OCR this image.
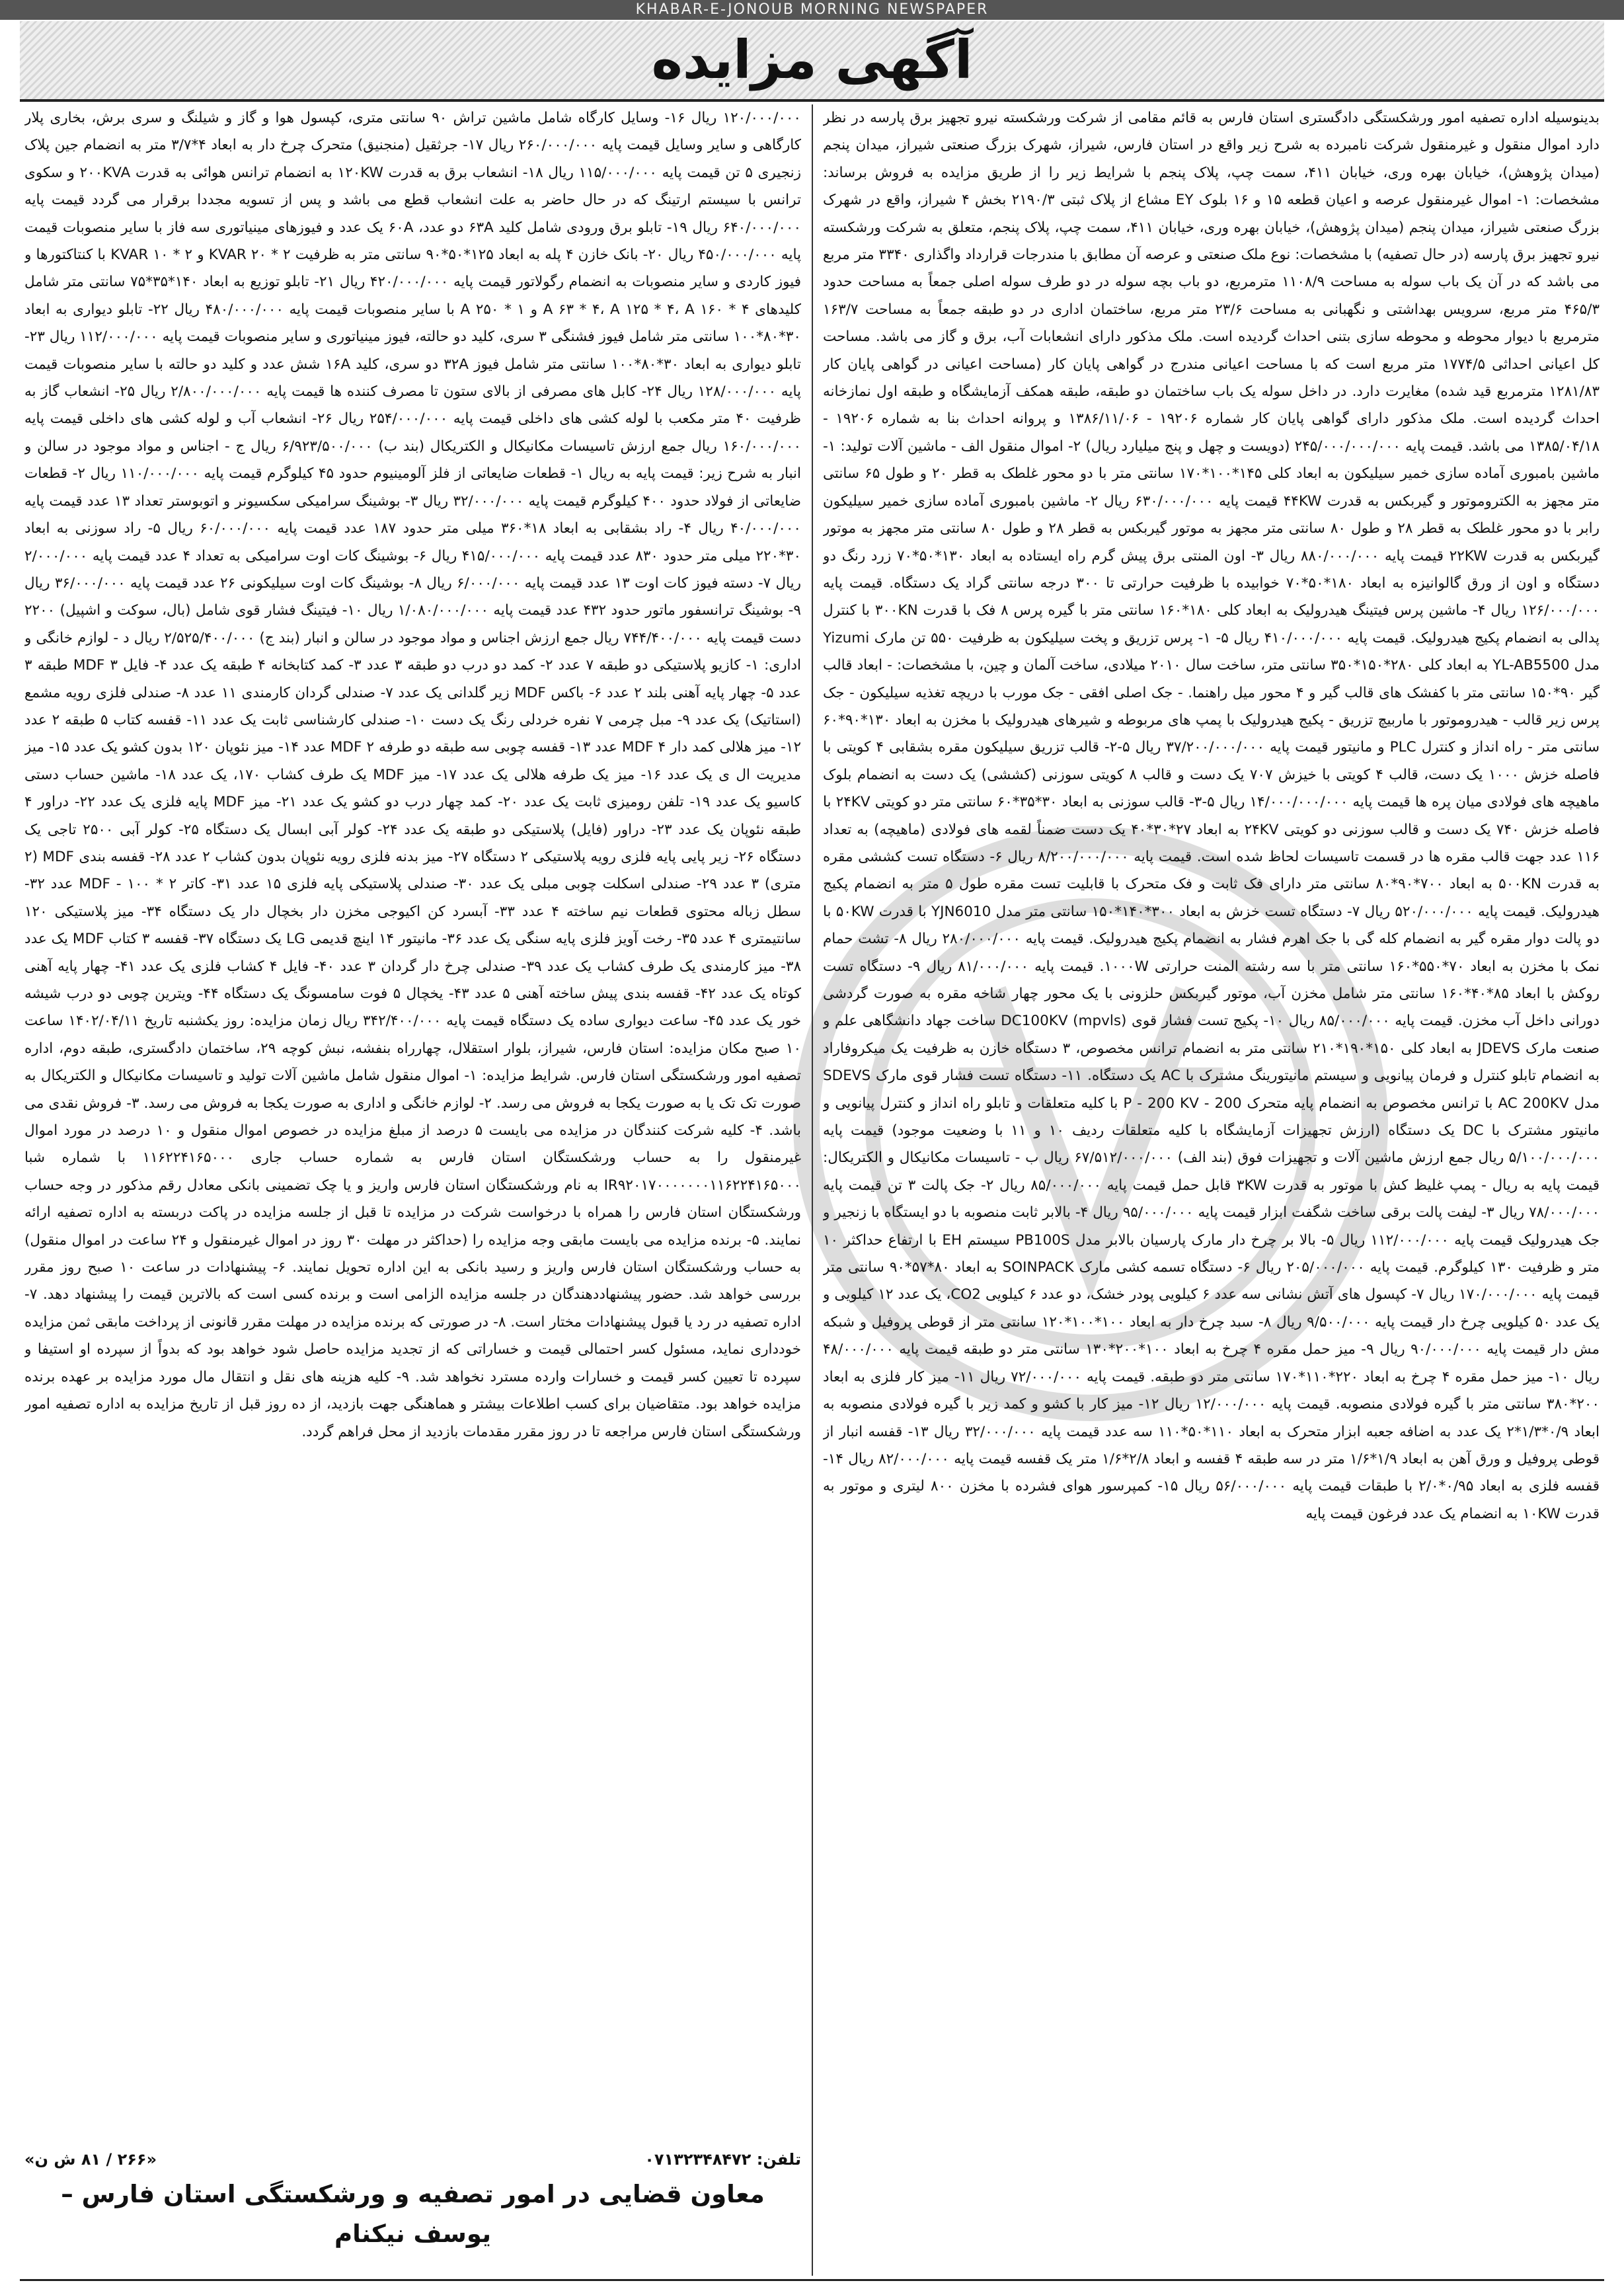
KHABAR-E-JONOUB MORNING NEWSPAPER
آگهی مزایده

بدینوسیله اداره تصفیه امور ورشکستگی دادگستری استان فارس به قائم مقامی از شرکت ورشکسته نیرو تجهیز برق پارسه در نظر دارد اموال منقول و غیرمنقول شرکت نامبرده به شرح زیر واقع در استان فارس، شیراز، شهرک بزرگ صنعتی شیراز، میدان پنجم (میدان پژوهش)، خیابان بهره وری، خیابان ۴۱۱، سمت چپ، پلاک پنجم با شرایط زیر را از طریق مزایده به فروش برساند: مشخصات: ۱- اموال غیرمنقول عرصه و اعیان قطعه ۱۵ و ۱۶ بلوک EY مشاع از پلاک ثبتی ۲۱۹۰/۳ بخش ۴ شیراز، واقع در شهرک بزرگ صنعتی شیراز، میدان پنجم (میدان پژوهش)، خیابان بهره وری، خیابان ۴۱۱، سمت چپ، پلاک پنجم، متعلق به شرکت ورشکسته نیرو تجهیز برق پارسه (در حال تصفیه) با مشخصات: نوع ملک صنعتی و عرصه آن مطابق با مندرجات قرارداد واگذاری ۳۳۴۰ متر مربع می باشد که در آن یک باب سوله به مساحت ۱۱۰۸/۹ مترمربع، دو باب بچه سوله در دو طرف سوله اصلی جمعاً به مساحت حدود ۴۶۵/۳ متر مربع، سرویس بهداشتی و نگهبانی به مساحت ۲۳/۶ متر مربع، ساختمان اداری در دو طبقه جمعاً به مساحت ۱۶۳/۷ مترمربع با دیوار محوطه و محوطه سازی بتنی احداث گردیده است. ملک مذکور دارای انشعابات آب، برق و گاز می باشد. مساحت کل اعیانی احداثی ۱۷۷۴/۵ متر مربع است که با مساحت اعیانی مندرج در گواهی پایان کار (مساحت اعیانی در گواهی پایان کار ۱۲۸۱/۸۳ مترمربع قید شده) مغایرت دارد. در داخل سوله یک باب ساختمان دو طبقه، طبقه همکف آزمایشگاه و طبقه اول نمازخانه احداث گردیده است. ملک مذکور دارای گواهی پایان کار شماره ۱۹۲۰۶ - ۱۳۸۶/۱۱/۰۶ و پروانه احداث بنا به شماره ۱۹۲۰۶ - ۱۳۸۵/۰۴/۱۸ می باشد. قیمت پایه ۲۴۵/۰۰۰/۰۰۰/۰۰۰ (دویست و چهل و پنج میلیارد ریال) ۲- اموال منقول الف - ماشین آلات تولید: ۱- ماشین بامبوری آماده سازی خمیر سیلیکون به ابعاد کلی ۱۴۵*۱۰۰*۱۷۰ سانتی متر با دو محور غلطک به قطر ۲۰ و طول ۶۵ سانتی متر مجهز به الکتروموتور و گیربکس به قدرت ۴۴KW قیمت پایه ۶۳۰/۰۰۰/۰۰۰ ریال ۲- ماشین بامبوری آماده سازی خمیر سیلیکون رابر با دو محور غلطک به قطر ۲۸ و طول ۸۰ سانتی متر مجهز به موتور گیربکس به قطر ۲۸ و طول ۸۰ سانتی متر مجهز به موتور گیربکس به قدرت ۲۲KW قیمت پایه ۸۸۰/۰۰۰/۰۰۰ ریال ۳- اون المنتی برق پیش گرم راه ایستاده به ابعاد ۱۳۰*۵۰*۷۰ زرد رنگ دو دستگاه و اون از ورق گالوانیزه به ابعاد ۱۸۰*۵۰*۷۰ خوابیده با ظرفیت حرارتی تا ۳۰۰ درجه سانتی گراد یک دستگاه. قیمت پایه ۱۲۶/۰۰۰/۰۰۰ ریال ۴- ماشین پرس فیتینگ هیدرولیک به ابعاد کلی ۱۸۰*۱۶۰ سانتی متر با گیره پرس ۸ فک با قدرت ۳۰۰KN با کنترل پدالی به انضمام پکیج هیدرولیک. قیمت پایه ۴۱۰/۰۰۰/۰۰۰ ریال ۵- ۱- پرس تزریق و پخت سیلیکون به ظرفیت ۵۵۰ تن مارک Yizumi مدل YL-AB5500 به ابعاد کلی ۲۸۰*۱۵۰*۳۵۰ سانتی متر، ساخت سال ۲۰۱۰ میلادی، ساخت آلمان و چین، با مشخصات: - ابعاد قالب گیر ۹۰*۱۵۰ سانتی متر با کفشک های قالب گیر و ۴ محور میل راهنما. - جک اصلی افقی - جک مورب با دریچه تغذیه سیلیکون - جک پرس زیر قالب - هیدروموتور با ماربیچ تزریق - پکیج هیدرولیک با پمپ های مربوطه و شیرهای هیدرولیک با مخزن به ابعاد ۱۳۰*۹۰*۶۰ سانتی متر - راه انداز و کنترل PLC و مانیتور قیمت پایه ۳۷/۲۰۰/۰۰۰/۰۰۰ ریال ۵-۲- قالب تزریق سیلیکون مقره بشقابی ۴ کویتی با فاصله خزش ۱۰۰۰ یک دست، قالب ۴ کویتی با خیزش ۷۰۷ یک دست و قالب ۸ کویتی سوزنی (کششی) یک دست به انضمام بلوک ماهیچه های فولادی میان پره ها قیمت پایه ۱۴/۰۰۰/۰۰۰/۰۰۰ ریال ۵-۳- قالب سوزنی به ابعاد ۳۰*۳۵*۶۰ سانتی متر دو کویتی ۲۴KV با فاصله خزش ۷۴۰ یک دست و قالب سوزنی دو کویتی ۲۴KV به ابعاد ۲۷*۳۰*۴۰ یک دست ضمناً لقمه های فولادی (ماهیچه) به تعداد ۱۱۶ عدد جهت قالب مقره ها در قسمت تاسیسات لحاظ شده است. قیمت پایه ۸/۲۰۰/۰۰۰/۰۰۰ ریال ۶- دستگاه تست کششی مقره به قدرت ۵۰۰KN به ابعاد ۷۰۰*۹۰*۸۰ سانتی متر دارای فک ثابت و فک متحرک با قابلیت تست مقره طول ۵ متر به انضمام پکیج هیدرولیک. قیمت پایه ۵۲۰/۰۰۰/۰۰۰ ریال ۷- دستگاه تست خزش به ابعاد ۳۰۰*۱۴۰*۱۵۰ سانتی متر مدل YJN6010 با قدرت ۵۰KW با دو پالت دوار مقره گیر به انضمام کله گی با جک اهرم فشار به انضمام پکیج هیدرولیک. قیمت پایه ۲۸۰/۰۰۰/۰۰۰ ریال ۸- تشت حمام نمک با مخزن به ابعاد ۷۰*۵۵۰*۱۶۰ سانتی متر با سه رشته المنت حرارتی ۱۰۰۰W. قیمت پایه ۸۱/۰۰۰/۰۰۰ ریال ۹- دستگاه تست روکش با ابعاد ۸۵*۴۰*۱۶۰ سانتی متر شامل مخزن آب، موتور گیربکس حلزونی با یک محور چهار شاخه مقره به صورت گردشی دورانی داخل آب مخزن. قیمت پایه ۸۵/۰۰۰/۰۰۰ ریال ۱۰- پکیج تست فشار قوی DC100KV (mpvls) ساخت جهاد دانشگاهی علم و صنعت مارک JDEVS به ابعاد کلی ۱۵۰*۱۹۰*۲۱۰ سانتی متر به انضمام ترانس مخصوص، ۳ دستگاه خازن به ظرفیت یک میکروفاراد به انضمام تابلو کنترل و فرمان پیانویی و سیستم مانیتورینگ مشترک با AC یک دستگاه. ۱۱- دستگاه تست فشار قوی مارک SDEVS مدل AC 200KV با ترانس مخصوص به انضمام پایه متحرک P - 200 KV - 200 با کلیه متعلقات و تابلو راه انداز و کنترل پیانویی و مانیتور مشترک با DC یک دستگاه (ارزش تجهیزات آزمایشگاه با کلیه متعلقات ردیف ۱۰ و ۱۱ با وضعیت موجود) قیمت پایه ۵/۱۰۰/۰۰۰/۰۰۰ ریال جمع ارزش ماشین آلات و تجهیزات فوق (بند الف) ۶۷/۵۱۲/۰۰۰/۰۰۰ ریال ب - تاسیسات مکانیکال و الکتریکال: قیمت پایه به ریال - پمپ غلیظ کش با موتور به قدرت ۳KW قابل حمل قیمت پایه ۸۵/۰۰۰/۰۰۰ ریال ۲- جک پالت ۳ تن قیمت پایه ۷۸/۰۰۰/۰۰۰ ریال ۳- لیفت پالت برقی ساخت شگفت ابزار قیمت پایه ۹۵/۰۰۰/۰۰۰ ریال ۴- بالابر ثابت منصوبه با دو ایستگاه با زنجیر و جک هیدرولیک قیمت پایه ۱۱۲/۰۰۰/۰۰۰ ریال ۵- بالا بر چرخ دار مارک پارسیان بالابر مدل PB100S سیستم EH با ارتفاع حداکثر ۱۰ متر و ظرفیت ۱۳۰ کیلوگرم. قیمت پایه ۲۰۵/۰۰۰/۰۰۰ ریال ۶- دستگاه تسمه کشی مارک SOINPACK به ابعاد ۸۰*۵۷*۹۰ سانتی متر قیمت پایه ۱۷۰/۰۰۰/۰۰۰ ریال ۷- کپسول های آتش نشانی سه عدد ۶ کیلویی پودر خشک، دو عدد ۶ کیلویی CO2، یک عدد ۱۲ کیلویی و یک عدد ۵۰ کیلویی چرخ دار قیمت پایه ۹/۵۰۰/۰۰۰ ریال ۸- سبد چرخ دار به ابعاد ۱۰۰*۱۰۰*۱۲۰ سانتی متر از قوطی پروفیل و شبکه مش دار قیمت پایه ۹۰/۰۰۰/۰۰۰ ریال ۹- میز حمل مقره ۴ چرخ به ابعاد ۱۰۰*۲۰۰*۱۳۰ سانتی متر دو طبقه قیمت پایه ۴۸/۰۰۰/۰۰۰ ریال ۱۰- میز حمل مقره ۴ چرخ به ابعاد ۲۲۰*۱۱۰*۱۷۰ سانتی متر دو طبقه. قیمت پایه ۷۲/۰۰۰/۰۰۰ ریال ۱۱- میز کار فلزی به ابعاد ۲۰۰*۳۸۰ سانتی متر با گیره فولادی منصوبه. قیمت پایه ۱۲/۰۰۰/۰۰۰ ریال ۱۲- میز کار با کشو و کمد زیر با گیره فولادی منصوبه به ابعاد ۰/۹*۱/۳*۲ یک عدد به اضافه جعبه ابزار متحرک به ابعاد ۱۱۰*۵۰*۱۱۰ سه عدد قیمت پایه ۳۲/۰۰۰/۰۰۰ ریال ۱۳- قفسه انبار از قوطی پروفیل و ورق آهن به ابعاد ۱/۹*۱/۶ متر در سه طبقه ۴ قفسه و ابعاد ۲/۸*۱/۶ متر یک قفسه قیمت پایه ۸۲/۰۰۰/۰۰۰ ریال ۱۴- قفسه فلزی به ابعاد ۰/۹۵*۲/۰ با طبقات قیمت پایه ۵۶/۰۰۰/۰۰۰ ریال ۱۵- کمپرسور هوای فشرده با مخزن ۸۰۰ لیتری و موتور به قدرت ۱۰KW به انضمام یک عدد فرغون قیمت پایه

۱۲۰/۰۰۰/۰۰۰ ریال ۱۶- وسایل کارگاه شامل ماشین تراش ۹۰ سانتی متری، کپسول هوا و گاز و شیلنگ و سری برش، بخاری پلار کارگاهی و سایر وسایل قیمت پایه ۲۶۰/۰۰۰/۰۰۰ ریال ۱۷- جرثقیل (منجنیق) متحرک چرخ دار به ابعاد ۴*۳/۷ متر به انضمام جین پلاک زنجیری ۵ تن قیمت پایه ۱۱۵/۰۰۰/۰۰۰ ریال ۱۸- انشعاب برق به قدرت ۱۲۰KW به انضمام ترانس هوائی به قدرت ۲۰۰KVA و سکوی ترانس با سیستم ارتینگ که در حال حاضر به علت انشعاب قطع می باشد و پس از تسویه مجددا برقرار می گردد قیمت پایه ۶۴۰/۰۰۰/۰۰۰ ریال ۱۹- تابلو برق ورودی شامل کلید ۶۳A دو عدد، ۶۰A یک عدد و فیوزهای مینیاتوری سه فاز با سایر منصوبات قیمت پایه ۴۵۰/۰۰۰/۰۰۰ ریال ۲۰- بانک خازن ۴ پله به ابعاد ۱۲۵*۵۰*۹۰ سانتی متر به ظرفیت KVAR ۲۰ * ۲ و KVAR ۱۰ * ۲ با کنتاکتورها و فیوز کاردی و سایر منصوبات به انضمام رگولاتور قیمت پایه ۴۲۰/۰۰۰/۰۰۰ ریال ۲۱- تابلو توزیع به ابعاد ۱۴۰*۳۵*۷۵ سانتی متر شامل کلیدهای A ۶۳ * ۴، A ۱۲۵ * ۴، A ۱۶۰ * ۴ و A ۲۵۰ * ۱ با سایر منصوبات قیمت پایه ۴۸۰/۰۰۰/۰۰۰ ریال ۲۲- تابلو دیواری به ابعاد ۳۰*۸۰*۱۰۰ سانتی متر شامل فیوز فشنگی ۳ سری، کلید دو حالته، فیوز مینیاتوری و سایر منصوبات قیمت پایه ۱۱۲/۰۰۰/۰۰۰ ریال ۲۳- تابلو دیواری به ابعاد ۳۰*۸۰*۱۰۰ سانتی متر شامل فیوز ۳۲A دو سری، کلید ۱۶A شش عدد و کلید دو حالته با سایر منصوبات قیمت پایه ۱۲۸/۰۰۰/۰۰۰ ریال ۲۴- کابل های مصرفی از بالای ستون تا مصرف کننده ها قیمت پایه ۲/۸۰۰/۰۰۰/۰۰۰ ریال ۲۵- انشعاب گاز به ظرفیت ۴۰ متر مکعب با لوله کشی های داخلی قیمت پایه ۲۵۴/۰۰۰/۰۰۰ ریال ۲۶- انشعاب آب و لوله کشی های داخلی قیمت پایه ۱۶۰/۰۰۰/۰۰۰ ریال جمع ارزش تاسیسات مکانیکال و الکتریکال (بند ب) ۶/۹۲۳/۵۰۰/۰۰۰ ریال ج - اجناس و مواد موجود در سالن و انبار به شرح زیر: قیمت پایه به ریال ۱- قطعات ضایعاتی از فلز آلومینیوم حدود ۴۵ کیلوگرم قیمت پایه ۱۱۰/۰۰۰/۰۰۰ ریال ۲- قطعات ضایعاتی از فولاد حدود ۴۰۰ کیلوگرم قیمت پایه ۳۲/۰۰۰/۰۰۰ ریال ۳- بوشینگ سرامیکی سکسیونر و اتوبوستر تعداد ۱۳ عدد قیمت پایه ۴۰/۰۰۰/۰۰۰ ریال ۴- راد بشقابی به ابعاد ۱۸*۳۶۰ میلی متر حدود ۱۸۷ عدد قیمت پایه ۶۰/۰۰۰/۰۰۰ ریال ۵- راد سوزنی به ابعاد ۳۰*۲۲۰ میلی متر حدود ۸۳۰ عدد قیمت پایه ۴۱۵/۰۰۰/۰۰۰ ریال ۶- بوشینگ کات اوت سرامیکی به تعداد ۴ عدد قیمت پایه ۲/۰۰۰/۰۰۰ ریال ۷- دسته فیوز کات اوت ۱۳ عدد قیمت پایه ۶/۰۰۰/۰۰۰ ریال ۸- بوشینگ کات اوت سیلیکونی ۲۶ عدد قیمت پایه ۳۶/۰۰۰/۰۰۰ ریال ۹- بوشینگ ترانسفور ماتور حدود ۴۳۲ عدد قیمت پایه ۱/۰۸۰/۰۰۰/۰۰۰ ریال ۱۰- فیتینگ فشار قوی شامل (بال، سوکت و اشپیل) ۲۲۰۰ دست قیمت پایه ۷۴۴/۴۰۰/۰۰۰ ریال جمع ارزش اجناس و مواد موجود در سالن و انبار (بند ج) ۲/۵۲۵/۴۰۰/۰۰۰ ریال د - لوازم خانگی و اداری: ۱- کازیو پلاستیکی دو طبقه ۷ عدد ۲- کمد دو درب دو طبقه ۳ عدد ۳- کمد کتابخانه ۴ طبقه یک عدد ۴- فایل MDF ۳ طبقه ۳ عدد ۵- چهار پایه آهنی بلند ۲ عدد ۶- باکس MDF زیر گلدانی یک عدد ۷- صندلی گردان کارمندی ۱۱ عدد ۸- صندلی فلزی رویه مشمع (استاتیک) یک عدد ۹- مبل چرمی ۷ نفره خردلی رنگ یک دست ۱۰- صندلی کارشناسی ثابت یک عدد ۱۱- قفسه کتاب ۵ طبقه ۲ عدد ۱۲- میز هلالی کمد دار MDF ۴ عدد ۱۳- قفسه چوبی سه طبقه دو طرفه MDF ۲ عدد ۱۴- میز نئوپان ۱۲۰ بدون کشو یک عدد ۱۵- میز مدیریت ال ی یک عدد ۱۶- میز یک طرفه هلالی یک عدد ۱۷- میز MDF یک طرف کشاب ۱۷۰، یک عدد ۱۸- ماشین حساب دستی کاسیو یک عدد ۱۹- تلفن رومیزی ثابت یک عدد ۲۰- کمد چهار درب دو کشو یک عدد ۲۱- میز MDF پایه فلزی یک عدد ۲۲- دراور ۴ طبقه نئوپان یک عدد ۲۳- دراور (فایل) پلاستیکی دو طبقه یک عدد ۲۴- کولر آبی ابسال یک دستگاه ۲۵- کولر آبی ۲۵۰۰ تاجی یک دستگاه ۲۶- زیر پایی پایه فلزی رویه پلاستیکی ۲ دستگاه ۲۷- میز بدنه فلزی رویه نئوپان بدون کشاب ۲ عدد ۲۸- قفسه بندی MDF (۲ متری) ۳ عدد ۲۹- صندلی اسکلت چوبی مبلی یک عدد ۳۰- صندلی پلاستیکی پایه فلزی ۱۵ عدد ۳۱- کاتر MDF - ۱۰۰ * ۲ عدد ۳۲- سطل زباله محتوی قطعات نیم ساخته ۴ عدد ۳۳- آبسرد کن اکیوجی مخزن دار بخچال دار یک دستگاه ۳۴- میز پلاستیکی ۱۲۰ سانتیمتری ۴ عدد ۳۵- رخت آویز فلزی پایه سنگی یک عدد ۳۶- مانیتور ۱۴ اینچ قدیمی LG یک دستگاه ۳۷- قفسه ۳ کتاب MDF یک عدد ۳۸- میز کارمندی یک طرف کشاب یک عدد ۳۹- صندلی چرخ دار گردان ۳ عدد ۴۰- فایل ۴ کشاب فلزی یک عدد ۴۱- چهار پایه آهنی کوتاه یک عدد ۴۲- قفسه بندی پیش ساخته آهنی ۵ عدد ۴۳- یخچال ۵ فوت سامسونگ یک دستگاه ۴۴- ویترین چوبی دو درب شیشه خور یک عدد ۴۵- ساعت دیواری ساده یک دستگاه قیمت پایه ۳۴۲/۴۰۰/۰۰۰ ریال زمان مزایده: روز یکشنبه تاریخ ۱۴۰۲/۰۴/۱۱ ساعت ۱۰ صبح مکان مزایده: استان فارس، شیراز، بلوار استقلال، چهارراه بنفشه، نبش کوچه ۲۹، ساختمان دادگستری، طبقه دوم، اداره تصفیه امور ورشکستگی استان فارس. شرایط مزایده: ۱- اموال منقول شامل ماشین آلات تولید و تاسیسات مکانیکال و الکتریکال به صورت تک تک یا به صورت یکجا به فروش می رسد. ۲- لوازم خانگی و اداری به صورت یکجا به فروش می رسد. ۳- فروش نقدی می باشد. ۴- کلیه شرکت کنندگان در مزایده می بایست ۵ درصد از مبلغ مزایده در خصوص اموال منقول و ۱۰ درصد در مورد اموال غیرمنقول را به حساب ورشکستگان استان فارس به شماره حساب جاری ۱۱۶۲۲۴۱۶۵۰۰۰ با شماره شبا IR۹۲۰۱۷۰۰۰۰۰۰۰۱۱۶۲۲۴۱۶۵۰۰۰ به نام ورشکستگان استان فارس واریز و یا چک تضمینی بانکی معادل رقم مذکور در وجه حساب ورشکستگان استان فارس را همراه با درخواست شرکت در مزایده تا قبل از جلسه مزایده در پاکت دربسته به اداره تصفیه ارائه نمایند. ۵- برنده مزایده می بایست مابقی وجه مزایده را (حداکثر در مهلت ۳۰ روز در اموال غیرمنقول و ۲۴ ساعت در اموال منقول) به حساب ورشکستگان استان فارس واریز و رسید بانکی به این اداره تحویل نمایند. ۶- پیشنهادات در ساعت ۱۰ صبح روز مقرر بررسی خواهد شد. حضور پیشنهاددهندگان در جلسه مزایده الزامی است و برنده کسی است که بالاترین قیمت را پیشنهاد دهد. ۷- اداره تصفیه در رد یا قبول پیشنهادات مختار است. ۸- در صورتی که برنده مزایده در مهلت مقرر قانونی از پرداخت مابقی ثمن مزایده خودداری نماید، مسئول کسر احتمالی قیمت و خساراتی که از تجدید مزایده حاصل شود خواهد بود که بدواً از سپرده او استیفا و سپرده تا تعیین کسر قیمت و خسارات وارده مسترد نخواهد شد. ۹- کلیه هزینه های نقل و انتقال مال مورد مزایده بر عهده برنده مزایده خواهد بود. متقاضیان برای کسب اطلاعات بیشتر و هماهنگی جهت بازدید، از ده روز قبل از تاریخ مزایده به اداره تصفیه امور ورشکستگی استان فارس مراجعه تا در روز مقرر مقدمات بازدید از محل فراهم گردد.

تلفن: ۰۷۱۳۲۳۴۸۴۷۲
«۲۶۶ / ۸۱ ش ن»
معاون قضایی در امور تصفیه و ورشکستگی استان فارس – یوسف نیکنام
